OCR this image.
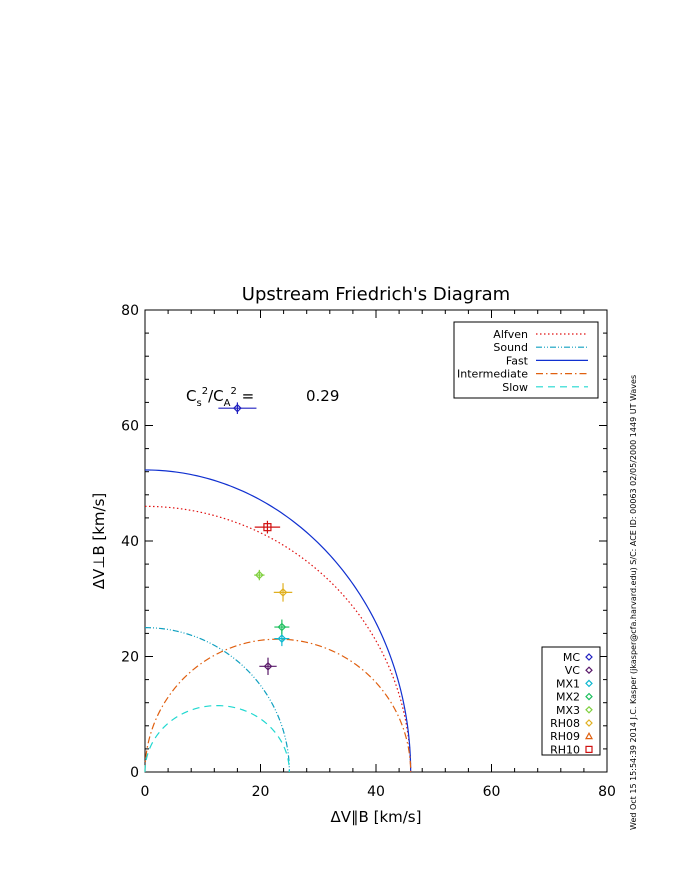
Upstream Friedrich's Diagram
0	20	40	60	80
0
20
40
60
80
ΔV∥B [km/s]
ΔV⊥B [km/s]
$C_s^2/C_A^2$ =	0.29
Alfven
Sound
Fast
Intermediate
Slow
MC
VC
MX1
MX2
MX3
RH08
RH09
RH10	Wed Oct 15 15:54:39 2014 J.C. Kasper (jkasper@cfa.harvard.edu) S/C: ACE ID: 00063 02/05/2000 1449 UT Waves
